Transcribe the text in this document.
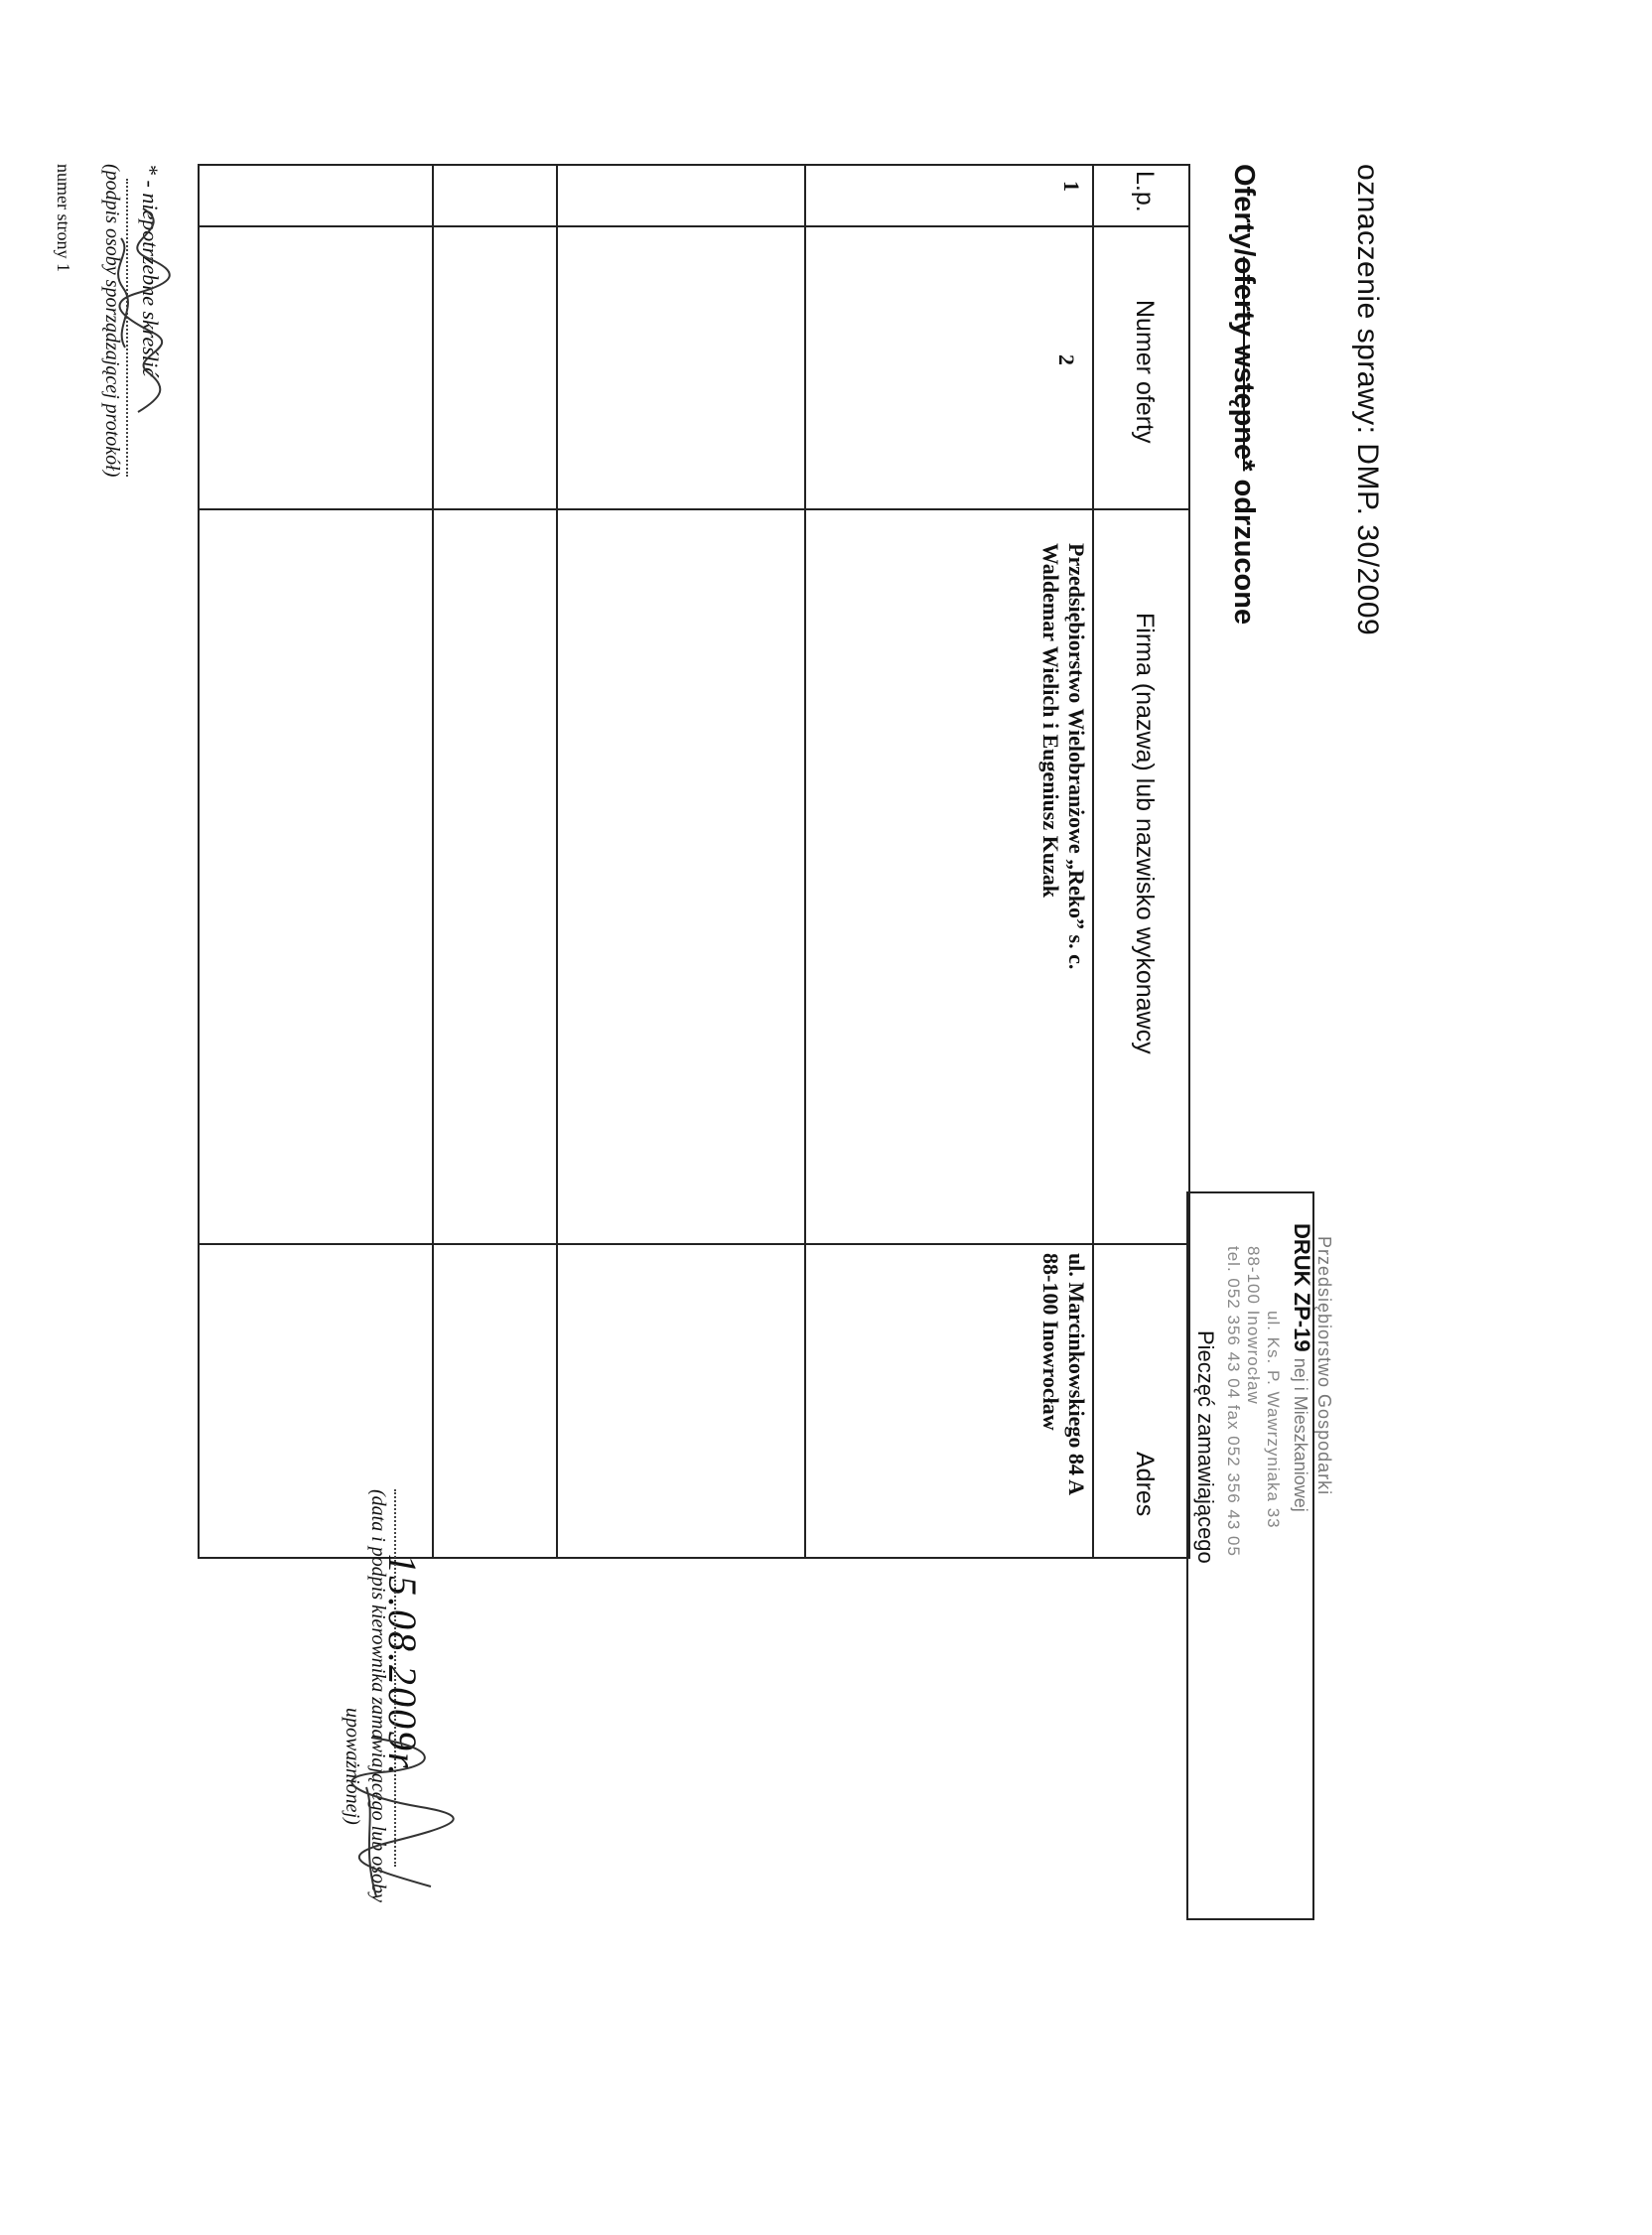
oznaczenie sprawy: DMP. 30/2009
Oferty/oferty wstępne* odrzucone
Przedsiębiorstwo Gospodarki
DRUK ZP-19 nej i Mieszkaniowej
ul. Ks. P. Wawrzyniaka 33
88-100 Inowrocław
tel. 052 356 43 04 fax 052 356 43 05
Pieczęć zamawiającego
L.p.
Numer oferty
Firma (nazwa) lub nazwisko wykonawcy
Adres
1
2
Przedsiębiorstwo Wielobranżowe „Reko” s. c.
Waldemar Wielich i Eugeniusz Kuzak
ul. Marcinkowskiego 84 A
88-100 Inowrocław
* - niepotrzebne skreślić
(podpis osoby sporządzającej protokół)
numer strony 1
15.08.2009r.
(data i podpis kierownika zamawiającego lub osoby
upoważnionej)
